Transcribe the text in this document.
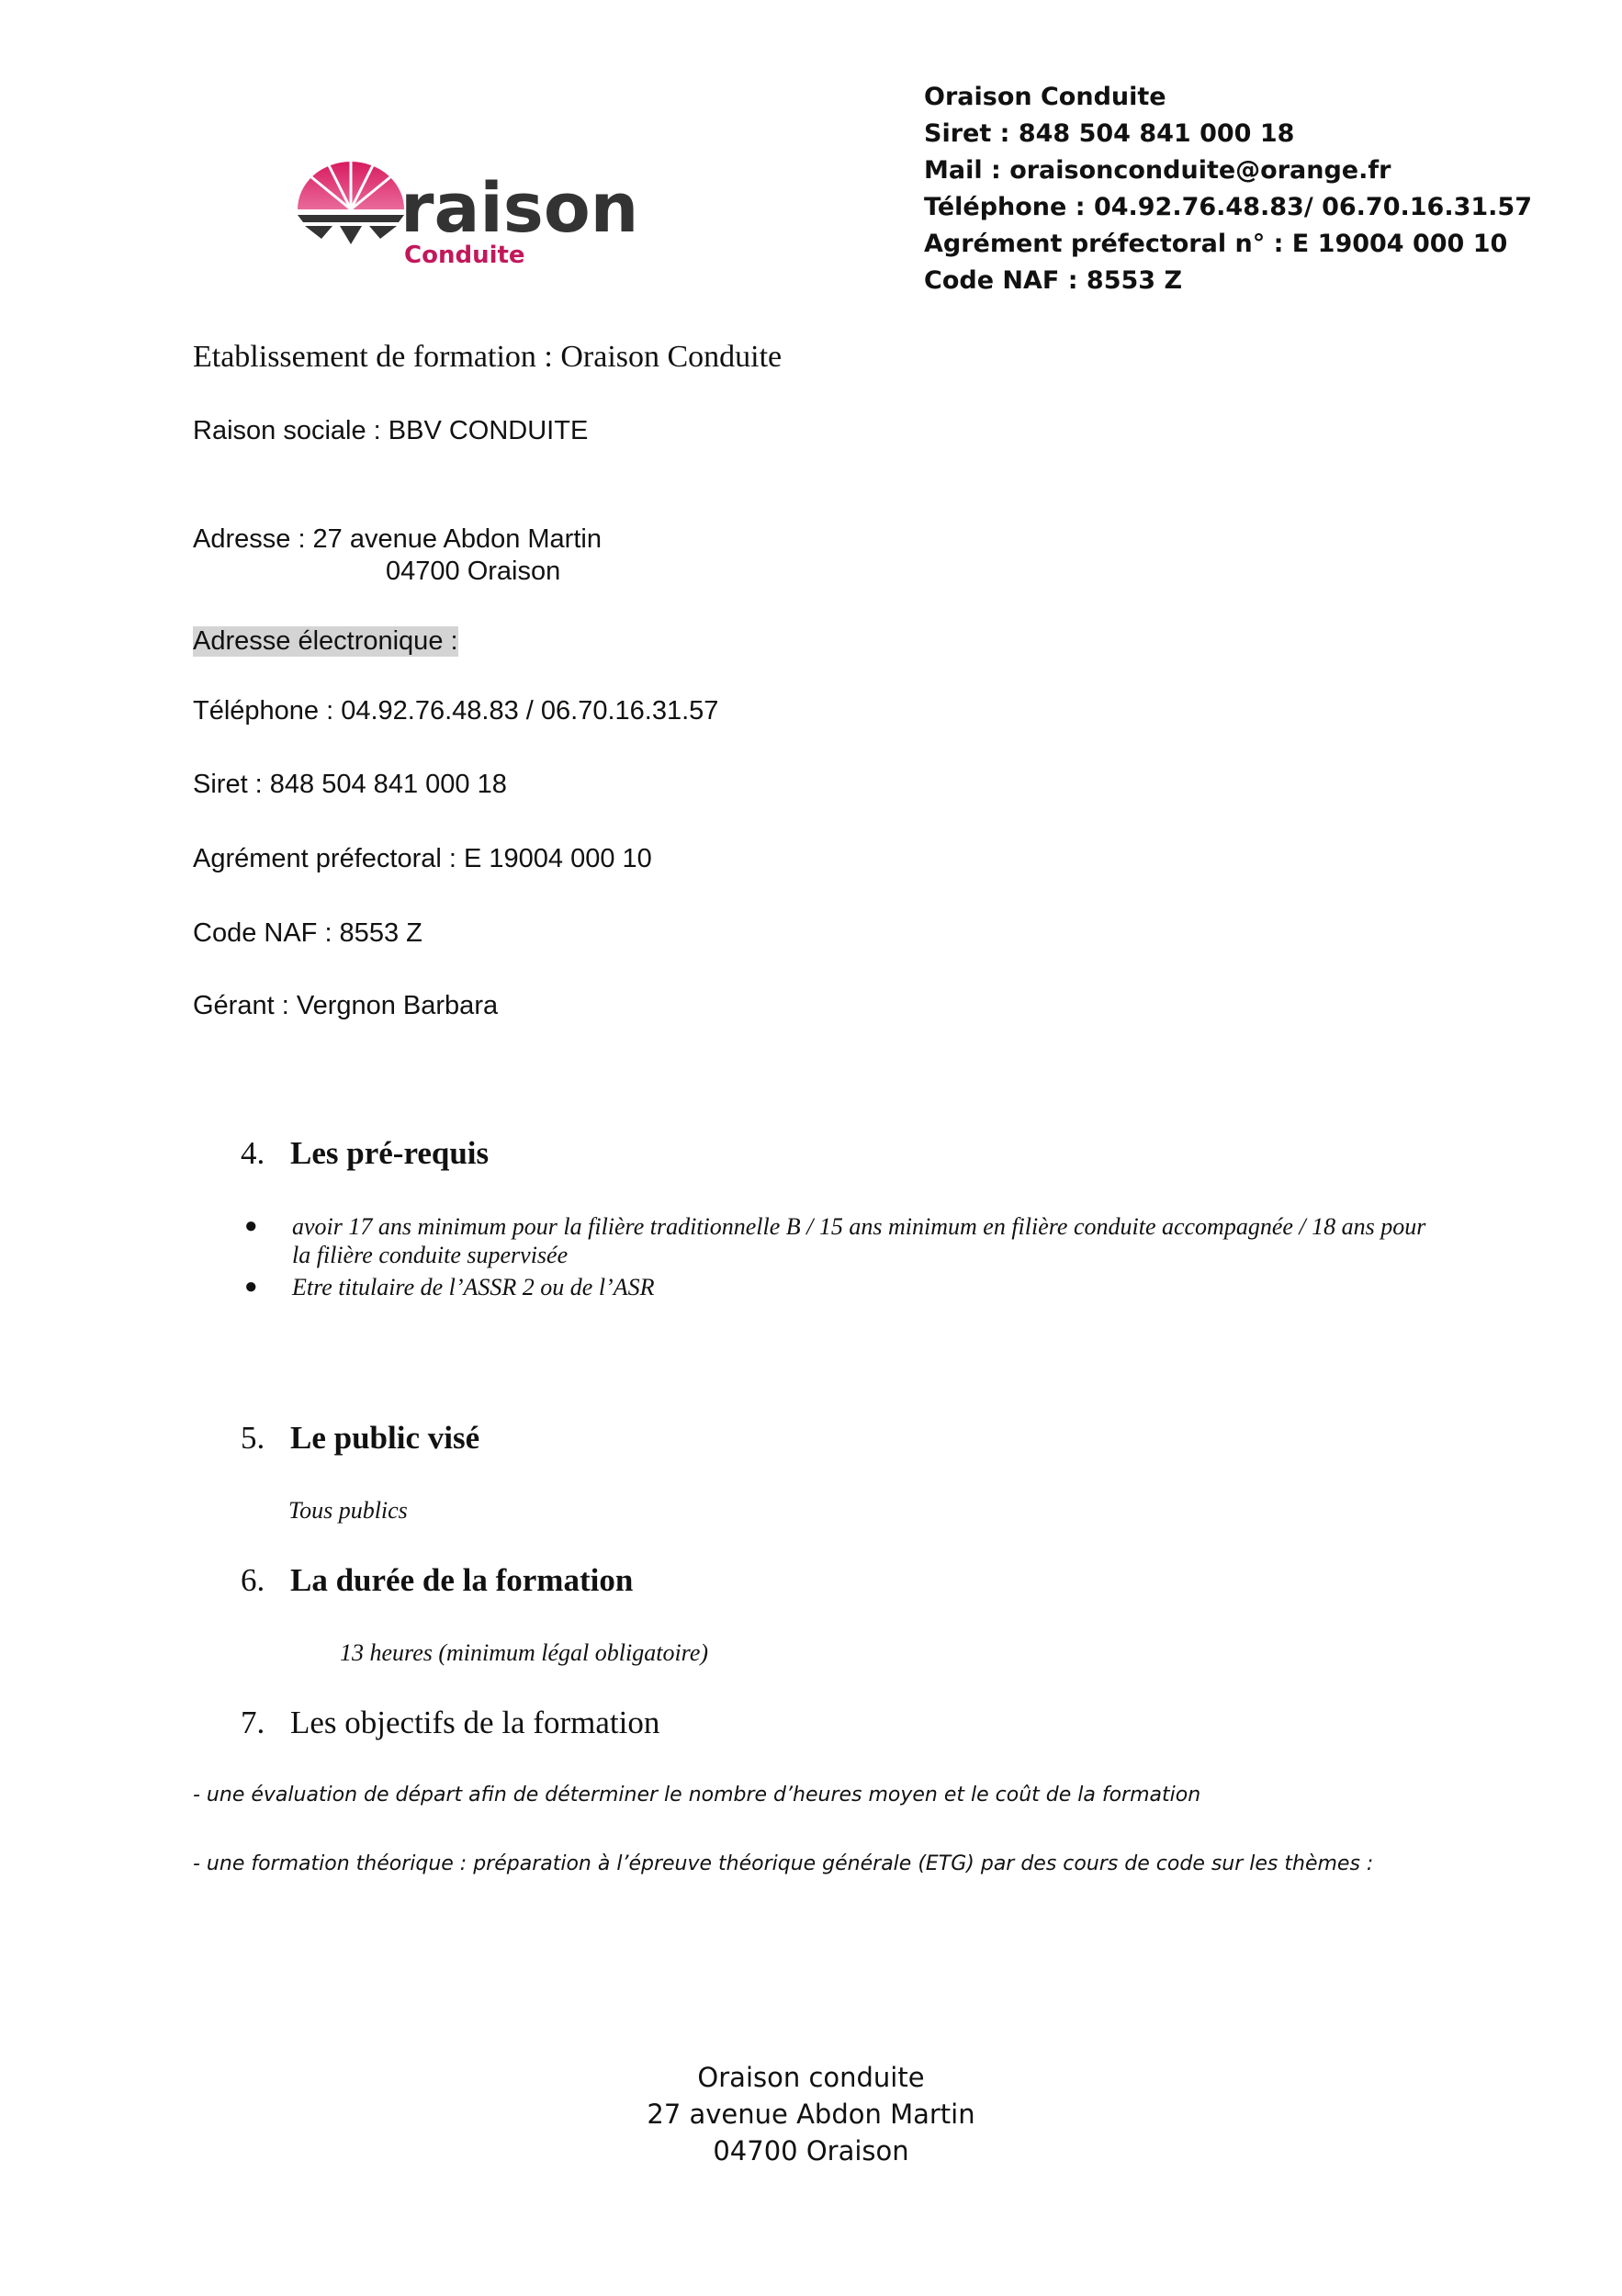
Oraison Conduite
Siret : 848 504 841 000 18
Mail : oraisonconduite@orange.fr
Téléphone : 04.92.76.48.83/ 06.70.16.31.57
Agrément préfectoral n° : E 19004 000 10
Code NAF : 8553 Z
raison
Conduite
Etablissement de formation : Oraison Conduite
Raison sociale : BBV CONDUITE
Adresse : 27 avenue Abdon Martin
04700 Oraison
Adresse électronique :
Téléphone : 04.92.76.48.83 / 06.70.16.31.57
Siret : 848 504 841 000 18
Agrément préfectoral : E 19004 000 10
Code NAF : 8553 Z
Gérant : Vergnon Barbara
4. Les pré-requis
● avoir 17 ans minimum pour la filière traditionnelle B / 15 ans minimum en filière conduite accompagnée / 18 ans pour la filière conduite supervisée
● Etre titulaire de l’ASSR 2 ou de l’ASR
5. Le public visé
Tous publics
6. La durée de la formation
13 heures (minimum légal obligatoire)
7. Les objectifs de la formation
- une évaluation de départ afin de déterminer le nombre d’heures moyen et le coût de la formation
- une formation théorique : préparation à l’épreuve théorique générale (ETG) par des cours de code sur les thèmes :
Oraison conduite
27 avenue Abdon Martin
04700 Oraison
